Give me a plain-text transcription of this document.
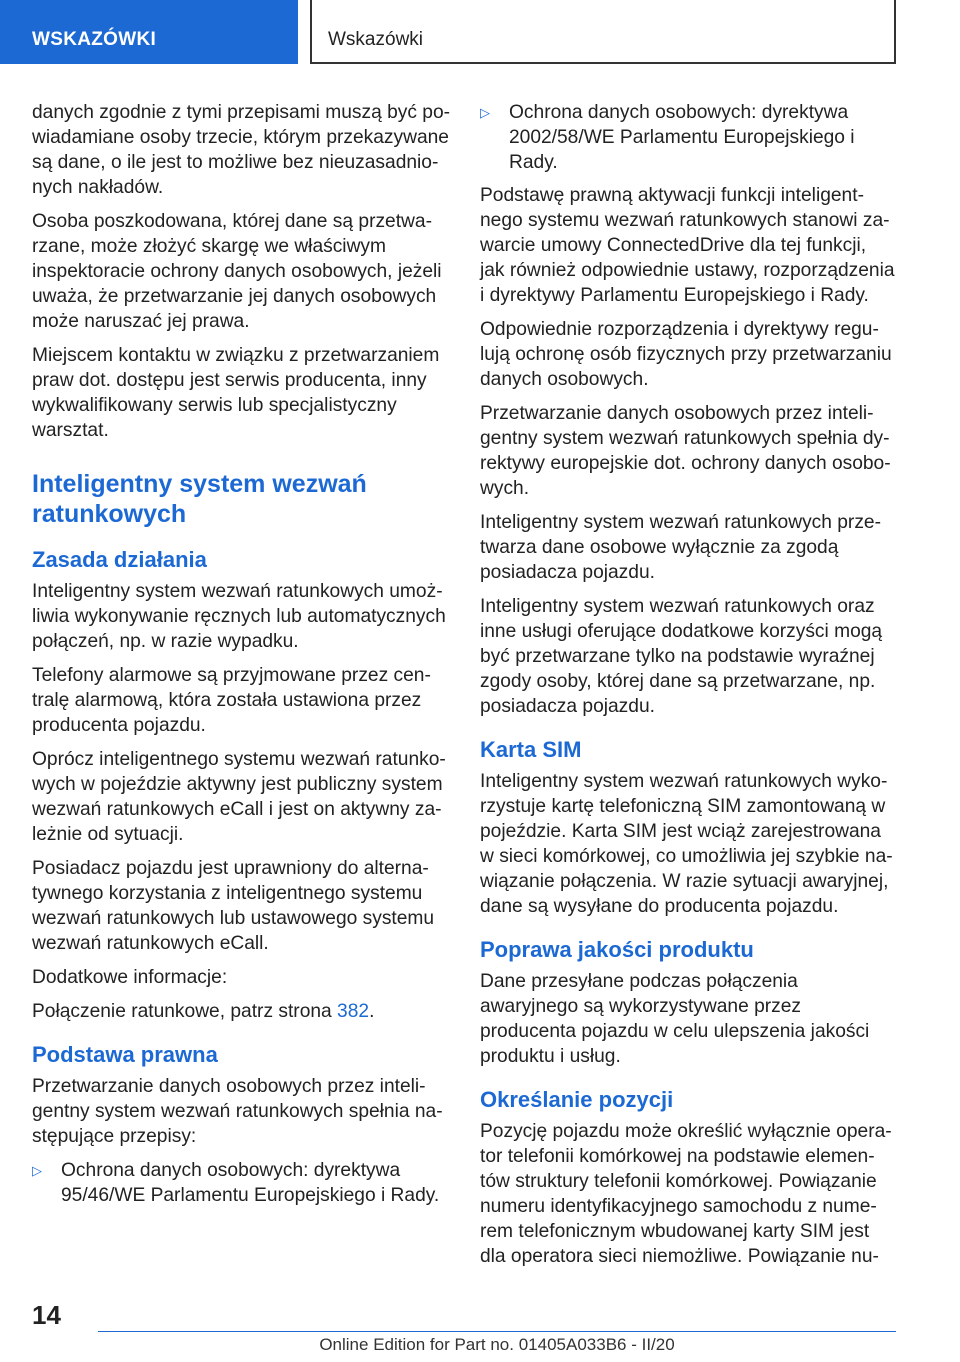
WSKAZÓWKI	Wskazówki

danych zgodnie z tymi przepisami muszą być powiadamiane osoby trzecie, którym przekazywane są dane, o ile jest to możliwe bez nieuzasadnionych nakładów.

Osoba poszkodowana, której dane są przetwarzane, może złożyć skargę we właściwym inspektoracie ochrony danych osobowych, jeżeli uważa, że przetwarzanie jej danych osobowych może naruszać jej prawa.

Miejscem kontaktu w związku z przetwarzaniem praw dot. dostępu jest serwis producenta, inny wykwalifikowany serwis lub specjalistyczny warsztat.

Inteligentny system wezwań ratunkowych
Zasada działania

Inteligentny system wezwań ratunkowych umożliwia wykonywanie ręcznych lub automatycznych połączeń, np. w razie wypadku.

Telefony alarmowe są przyjmowane przez centralę alarmową, która została ustawiona przez producenta pojazdu.

Oprócz inteligentnego systemu wezwań ratunkowych w pojeździe aktywny jest publiczny system wezwań ratunkowych eCall i jest on aktywny zależnie od sytuacji.

Posiadacz pojazdu jest uprawniony do alternatywnego korzystania z inteligentnego systemu wezwań ratunkowych lub ustawowego systemu wezwań ratunkowych eCall.

Dodatkowe informacje:

Połączenie ratunkowe, patrz strona 382.

Podstawa prawna

Przetwarzanie danych osobowych przez inteligentny system wezwań ratunkowych spełnia następujące przepisy:

▷ Ochrona danych osobowych: dyrektywa 95/46/WE Parlamentu Europejskiego i Rady.
▷ Ochrona danych osobowych: dyrektywa 2002/58/WE Parlamentu Europejskiego i Rady.

Podstawę prawną aktywacji funkcji inteligentnego systemu wezwań ratunkowych stanowi zawarcie umowy ConnectedDrive dla tej funkcji, jak również odpowiednie ustawy, rozporządzenia i dyrektywy Parlamentu Europejskiego i Rady.

Odpowiednie rozporządzenia i dyrektywy regulują ochronę osób fizycznych przy przetwarzaniu danych osobowych.

Przetwarzanie danych osobowych przez inteligentny system wezwań ratunkowych spełnia dyrektywy europejskie dot. ochrony danych osobowych.

Inteligentny system wezwań ratunkowych przetwarza dane osobowe wyłącznie za zgodą posiadacza pojazdu.

Inteligentny system wezwań ratunkowych oraz inne usługi oferujące dodatkowe korzyści mogą być przetwarzane tylko na podstawie wyraźnej zgody osoby, której dane są przetwarzane, np. posiadacza pojazdu.

Karta SIM

Inteligentny system wezwań ratunkowych wykorzystuje kartę telefoniczną SIM zamontowaną w pojeździe. Karta SIM jest wciąż zarejestrowana w sieci komórkowej, co umożliwia jej szybkie nawiązanie połączenia. W razie sytuacji awaryjnej, dane są wysyłane do producenta pojazdu.

Poprawa jakości produktu

Dane przesyłane podczas połączenia awaryjnego są wykorzystywane przez producenta pojazdu w celu ulepszenia jakości produktu i usług.

Określanie pozycji

Pozycję pojazdu może określić wyłącznie operator telefonii komórkowej na podstawie elementów struktury telefonii komórkowej. Powiązanie numeru identyfikacyjnego samochodu z numerem telefonicznym wbudowanej karty SIM jest dla operatora sieci niemożliwe. Powiązanie nu-

14
Online Edition for Part no. 01405A033B6 - II/20
